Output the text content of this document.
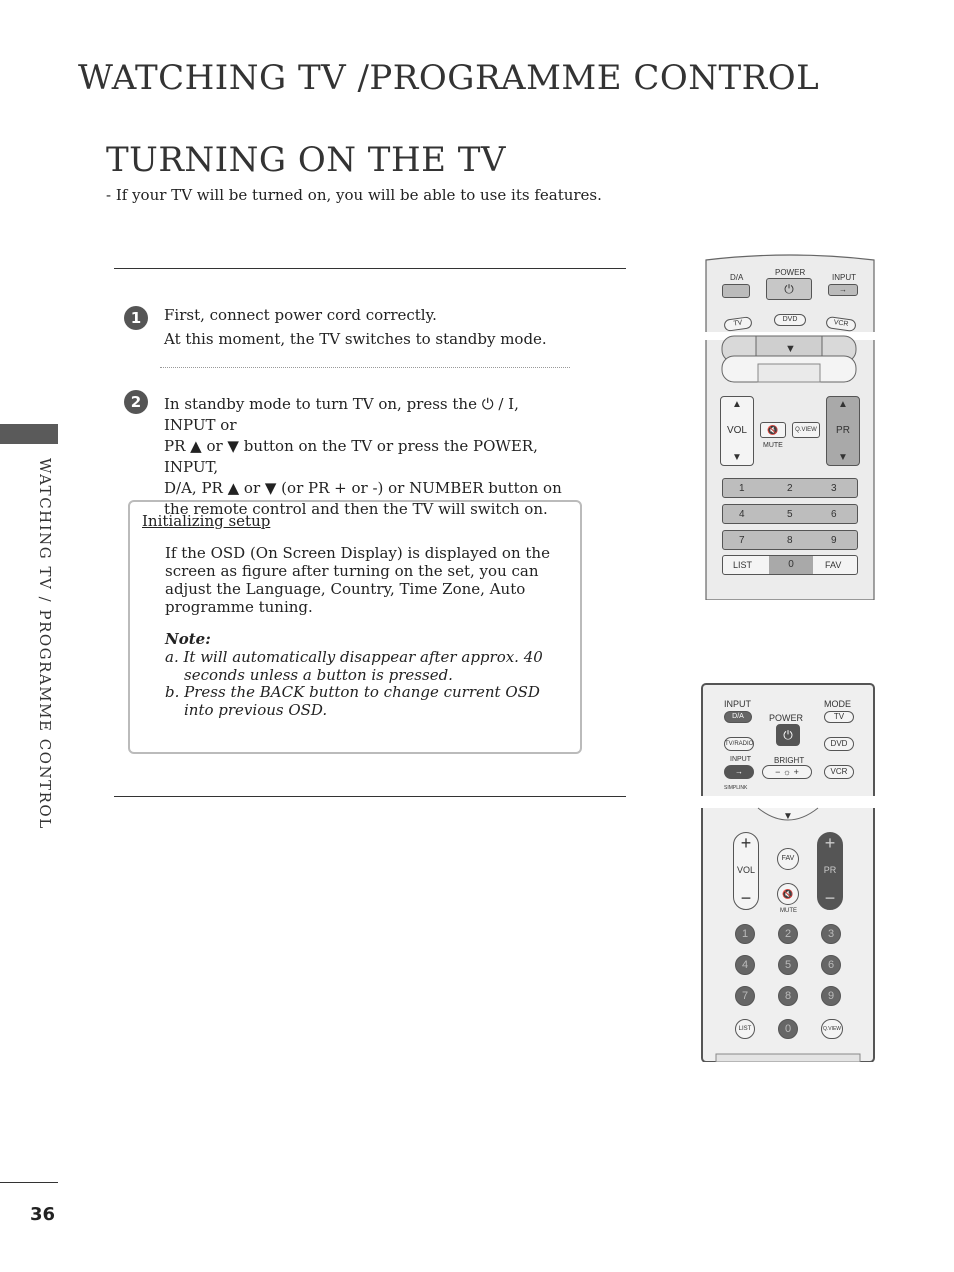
WATCHING TV /PROGRAMME CONTROL
TURNING ON THE TV
- If your TV will be turned on, you will be able to use its features.
WATCHING TV / PROGRAMME CONTROL
1	First, connect power cord correctly.
At this moment, the TV switches to standby mode.
2	In standby mode to turn TV on, press the ⏻ / I, INPUT or
PR ▲ or ▼ button on the TV or press the POWER, INPUT,
D/A, PR ▲ or ▼ (or PR + or -) or NUMBER button on
the remote control and then the TV will switch on.
Initializing setup
If the OSD (On Screen Display) is displayed on the screen as figure after turning on the set, you can adjust the Language, Country, Time Zone, Auto programme tuning.
Note:
a. It will automatically disappear after approx. 40 seconds unless a button is pressed.
b. Press the BACK button to change current OSD into previous OSD.
D/A
POWER
⏻
INPUT
→
TV	DVD	VCR
▼
▲
VOL
▼
🔇
MUTE
Q.VIEW
▲
PR
▼
1	2	3
4	5	6
7	8	9
LIST	0	FAV
INPUT	MODE
D/A	POWER
⏻
TV
TV/RADIO	DVD
INPUT
→
BRIGHT
− ☼ +	VCR
SIMPLINK
▼
+
VOL
−
+
PR
−
FAV
🔇
MUTE
1	2	3
4	5	6
7	8	9
LIST	0	Q.VIEW
36
